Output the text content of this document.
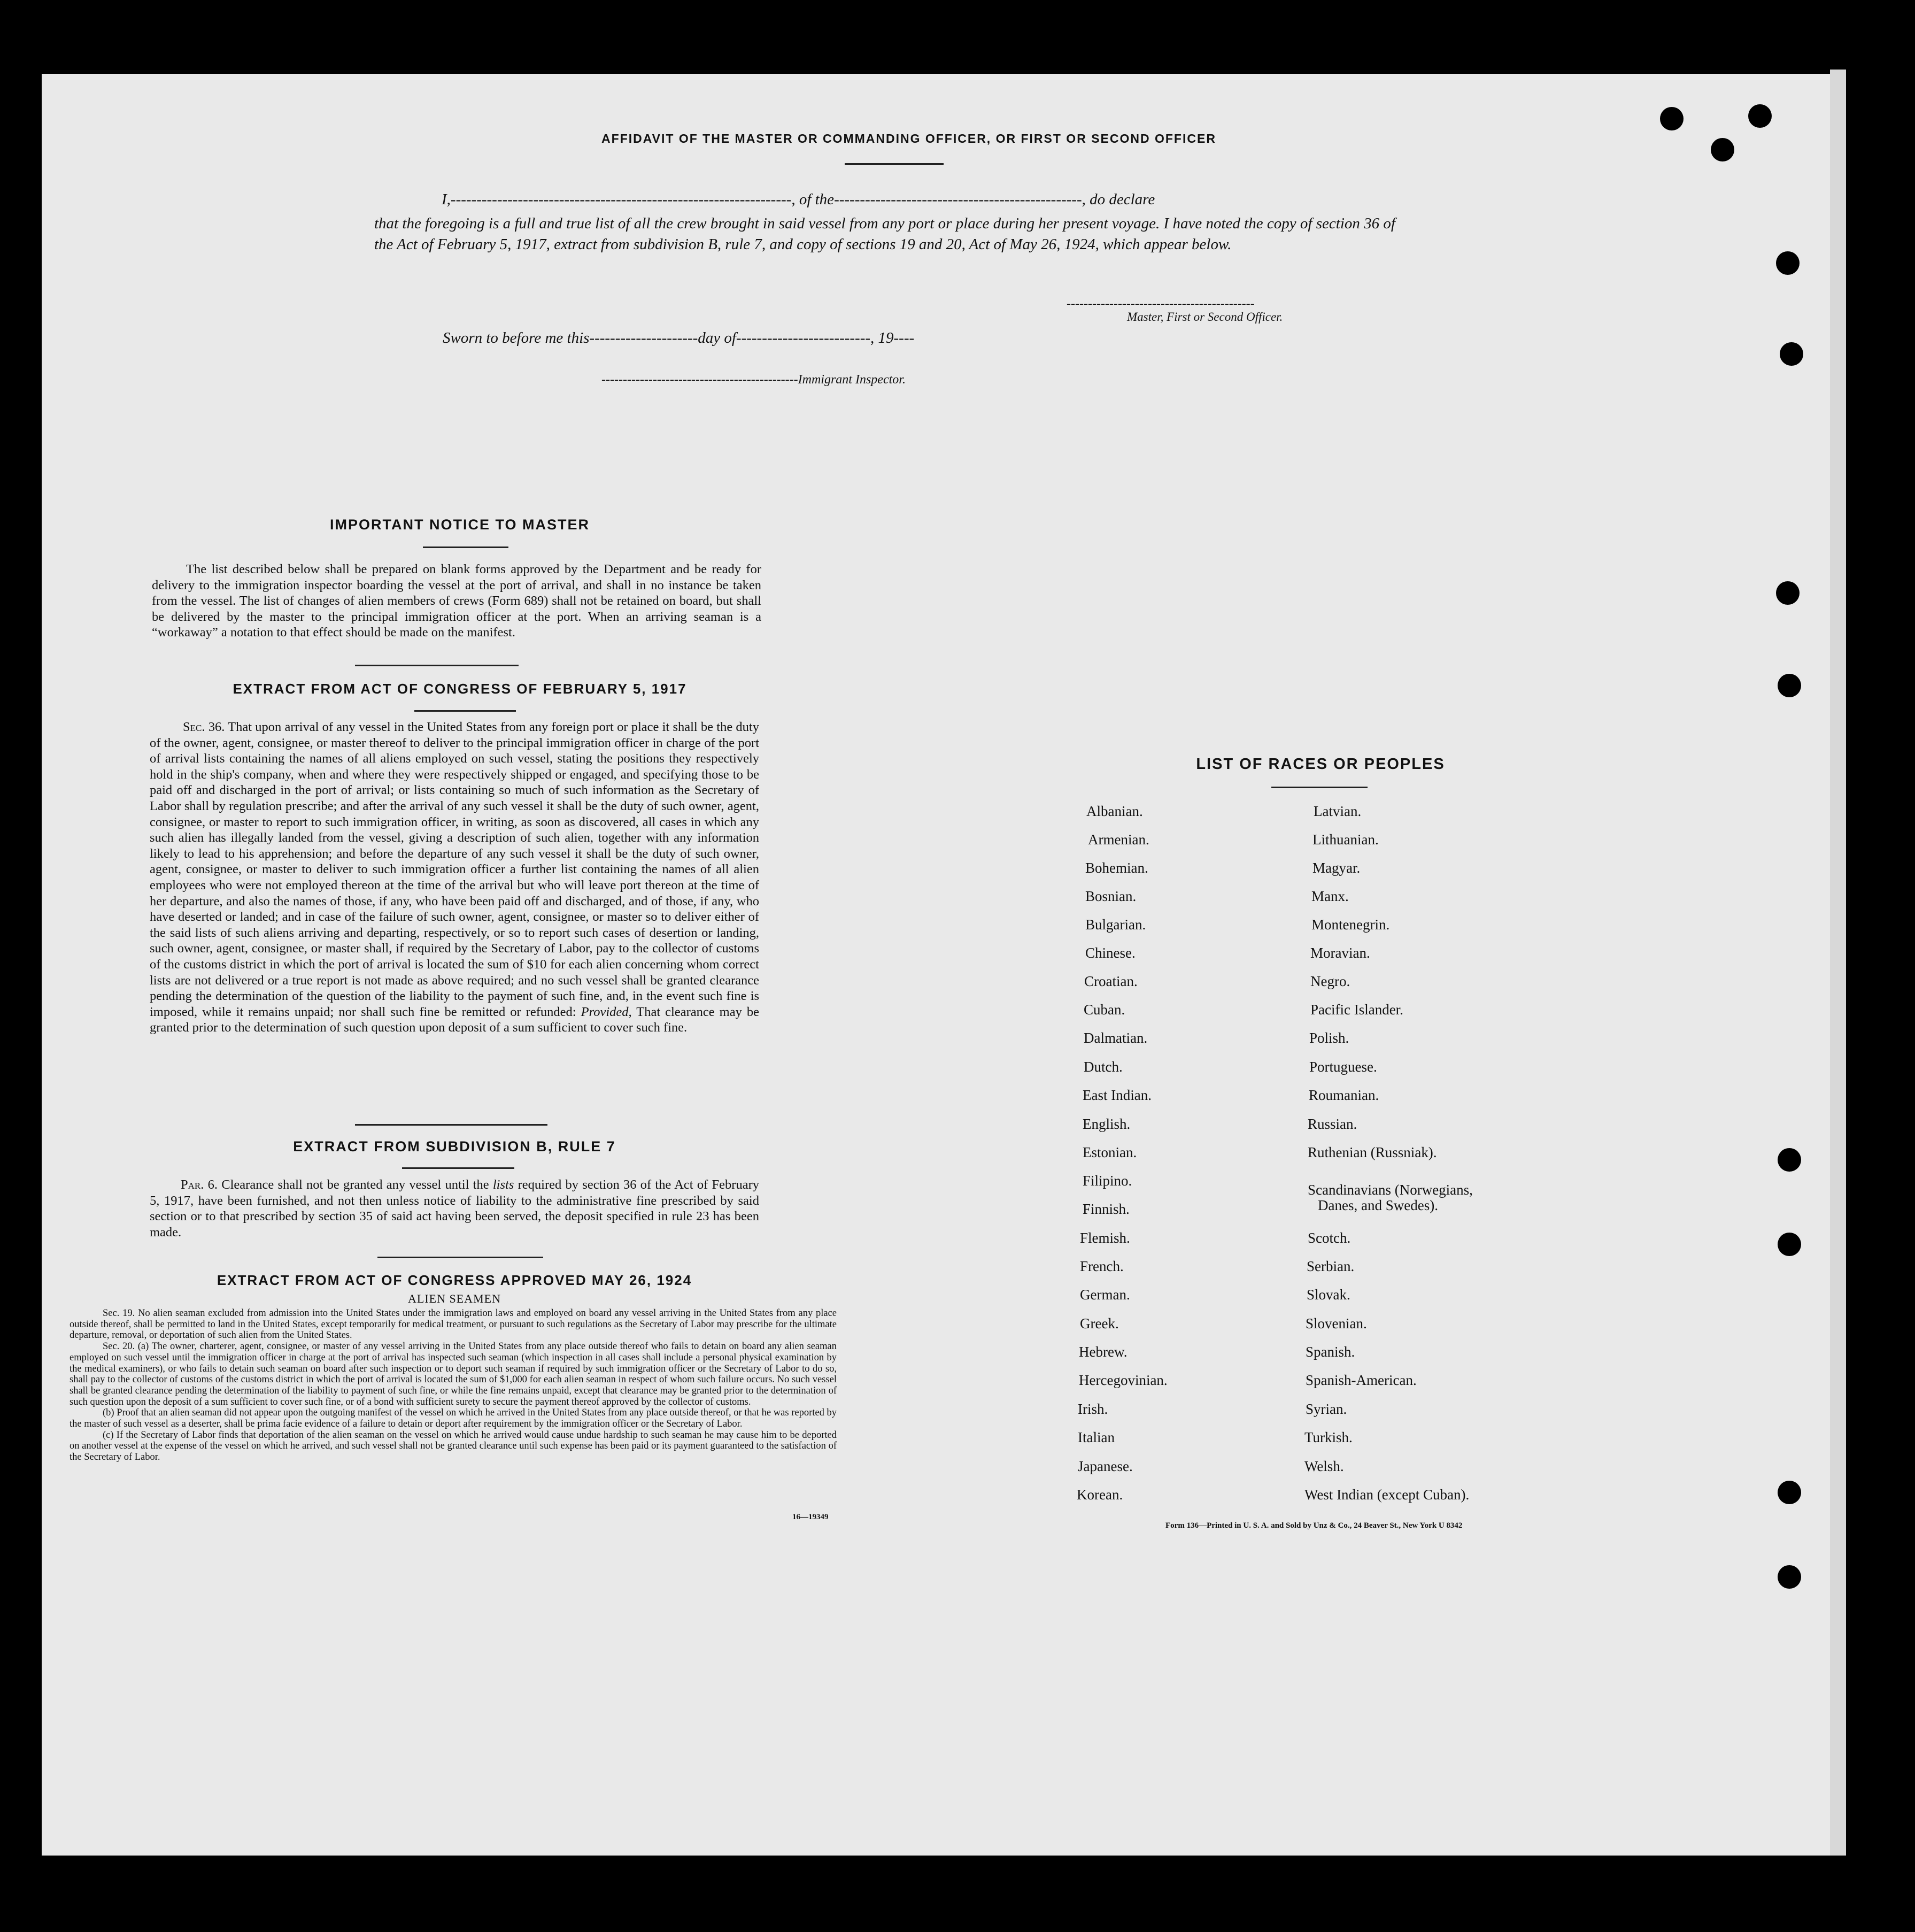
AFFIDAVIT OF THE MASTER OR COMMANDING OFFICER, OR FIRST OR SECOND OFFICER
I,------------------------------------------------------------------, of the------------------------------------------------, do declare
that the foregoing is a full and true list of all the crew brought in said vessel from any port or place during her present voyage. I have noted the copy of section 36 of the Act of February 5, 1917, extract from subdivision B, rule 7, and copy of sections 19 and 20, Act of May 26, 1924, which appear below.
--------------------------------------------
Master, First or Second Officer.
Sworn to before me this---------------------day of--------------------------, 19----
----------------------------------------------Immigrant Inspector.
IMPORTANT NOTICE TO MASTER
The list described below shall be prepared on blank forms approved by the Department and be ready for delivery to the immigration inspector boarding the vessel at the port of arrival, and shall in no instance be taken from the vessel. The list of changes of alien members of crews (Form 689) shall not be retained on board, but shall be delivered by the master to the principal immigration officer at the port. When an arriving seaman is a “workaway” a notation to that effect should be made on the manifest.
EXTRACT FROM ACT OF CONGRESS OF FEBRUARY 5, 1917
Sec. 36. That upon arrival of any vessel in the United States from any foreign port or place it shall be the duty of the owner, agent, consignee, or master thereof to deliver to the principal immigration officer in charge of the port of arrival lists containing the names of all aliens employed on such vessel, stating the positions they respectively hold in the ship's company, when and where they were respectively shipped or engaged, and specifying those to be paid off and discharged in the port of arrival; or lists containing so much of such information as the Secretary of Labor shall by regulation prescribe; and after the arrival of any such vessel it shall be the duty of such owner, agent, consignee, or master to report to such immigration officer, in writing, as soon as discovered, all cases in which any such alien has illegally landed from the vessel, giving a description of such alien, together with any information likely to lead to his apprehension; and before the departure of any such vessel it shall be the duty of such owner, agent, consignee, or master to deliver to such immigration officer a further list containing the names of all alien employees who were not employed thereon at the time of the arrival but who will leave port thereon at the time of her departure, and also the names of those, if any, who have been paid off and discharged, and of those, if any, who have deserted or landed; and in case of the failure of such owner, agent, consignee, or master so to deliver either of the said lists of such aliens arriving and departing, respectively, or so to report such cases of desertion or landing, such owner, agent, consignee, or master shall, if required by the Secretary of Labor, pay to the collector of customs of the customs district in which the port of arrival is located the sum of $10 for each alien concerning whom correct lists are not delivered or a true report is not made as above required; and no such vessel shall be granted clearance pending the determination of the question of the liability to the payment of such fine, and, in the event such fine is imposed, while it remains unpaid; nor shall such fine be remitted or refunded: Provided, That clearance may be granted prior to the determination of such question upon deposit of a sum sufficient to cover such fine.
EXTRACT FROM SUBDIVISION B, RULE 7
Par. 6. Clearance shall not be granted any vessel until the lists required by section 36 of the Act of February 5, 1917, have been furnished, and not then unless notice of liability to the administrative fine prescribed by said section or to that prescribed by section 35 of said act having been served, the deposit specified in rule 23 has been made.
EXTRACT FROM ACT OF CONGRESS APPROVED MAY 26, 1924
ALIEN SEAMEN
Sec. 19. No alien seaman excluded from admission into the United States under the immigration laws and employed on board any vessel arriving in the United States from any place outside thereof, shall be permitted to land in the United States, except temporarily for medical treatment, or pursuant to such regulations as the Secretary of Labor may prescribe for the ultimate departure, removal, or deportation of such alien from the United States.
Sec. 20. (a) The owner, charterer, agent, consignee, or master of any vessel arriving in the United States from any place outside thereof who fails to detain on board any alien seaman employed on such vessel until the immigration officer in charge at the port of arrival has inspected such seaman (which inspection in all cases shall include a personal physical examination by the medical examiners), or who fails to detain such seaman on board after such inspection or to deport such seaman if required by such immigration officer or the Secretary of Labor to do so, shall pay to the collector of customs of the customs district in which the port of arrival is located the sum of $1,000 for each alien seaman in respect of whom such failure occurs. No such vessel shall be granted clearance pending the determination of the liability to payment of such fine, or while the fine remains unpaid, except that clearance may be granted prior to the determination of such question upon the deposit of a sum sufficient to cover such fine, or of a bond with sufficient surety to secure the payment thereof approved by the collector of customs.
(b) Proof that an alien seaman did not appear upon the outgoing manifest of the vessel on which he arrived in the United States from any place outside thereof, or that he was reported by the master of such vessel as a deserter, shall be prima facie evidence of a failure to detain or deport after requirement by the immigration officer or the Secretary of Labor.
(c) If the Secretary of Labor finds that deportation of the alien seaman on the vessel on which he arrived would cause undue hardship to such seaman he may cause him to be deported on another vessel at the expense of the vessel on which he arrived, and such vessel shall not be granted clearance until such expense has been paid or its payment guaranteed to the satisfaction of the Secretary of Labor.
16—19349
LIST OF RACES OR PEOPLES
Albanian.
Armenian.
Bohemian.
Bosnian.
Bulgarian.
Chinese.
Croatian.
Cuban.
Dalmatian.
Dutch.
East Indian.
English.
Estonian.
Filipino.
Finnish.
Flemish.
French.
German.
Greek.
Hebrew.
Hercegovinian.
Irish.
Italian
Japanese.
Korean.
Latvian.
Lithuanian.
Magyar.
Manx.
Montenegrin.
Moravian.
Negro.
Pacific Islander.
Polish.
Portuguese.
Roumanian.
Russian.
Ruthenian (Russniak).
Scandinavians (Norwegians,
Danes, and Swedes).
Scotch.
Serbian.
Slovak.
Slovenian.
Spanish.
Spanish-American.
Syrian.
Turkish.
Welsh.
West Indian (except Cuban).
Form 136—Printed in U. S. A. and Sold by Unz & Co., 24 Beaver St., New York U 8342
